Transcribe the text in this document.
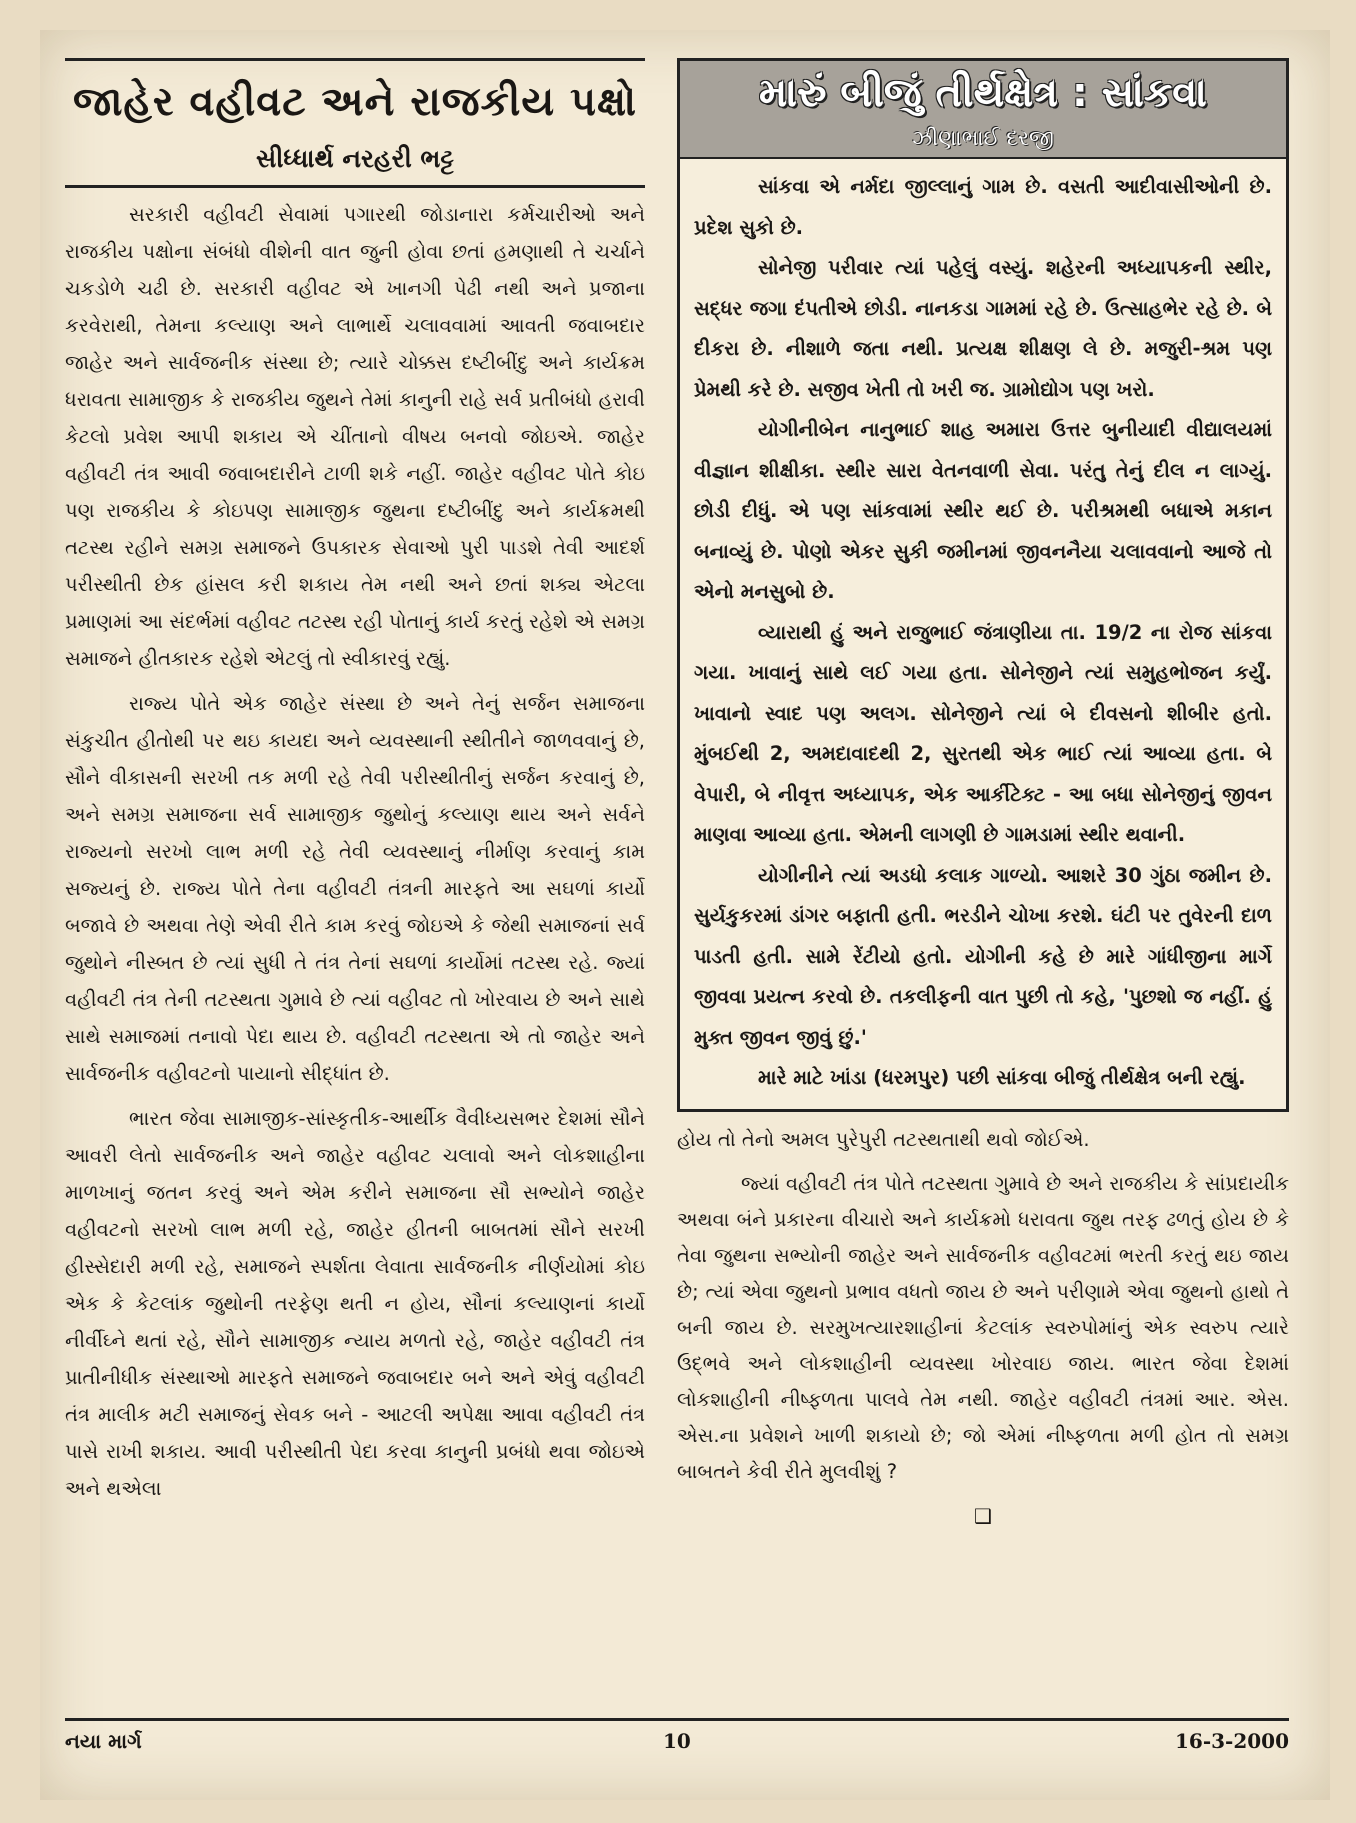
જાહેર વહીવટ અને રાજકીય પક્ષો
સીધ્ધાર્થ નરહરી ભટ્ટ

સરકારી વહીવટી સેવામાં પગારથી જોડાનારા કર્મચારીઓ અને રાજકીય પક્ષોના સંબંધો વીશેની વાત જુની હોવા છતાં હમણાથી તે ચર્ચાને ચકડોળે ચઢી છે. સરકારી વહીવટ એ ખાનગી પેઢી નથી અને પ્રજાના કરવેરાથી, તેમના કલ્યાણ અને લાભાર્થે ચલાવવામાં આવતી જવાબદાર જાહેર અને સાર્વજનીક સંસ્થા છે; ત્યારે ચોક્કસ દષ્ટીબીંદુ અને કાર્યક્રમ ધરાવતા સામાજીક કે રાજકીય જુથને તેમાં કાનુની રાહે સર્વ પ્રતીબંધો હરાવી કેટલો પ્રવેશ આપી શકાય એ ચીંતાનો વીષય બનવો જોઇએ. જાહેર વહીવટી તંત્ર આવી જવાબદારીને ટાળી શકે નહીં. જાહેર વહીવટ પોતે કોઇ પણ રાજકીય કે કોઇપણ સામાજીક જુથના દષ્ટીબીંદુ અને કાર્યક્રમથી તટસ્થ રહીને સમગ્ર સમાજને ઉપકારક સેવાઓ પુરી પાડશે તેવી આદર્શ પરીસ્થીતી છેક હાંસલ કરી શકાય તેમ નથી અને છતાં શક્ય એટલા પ્રમાણમાં આ સંદર્ભમાં વહીવટ તટસ્થ રહી પોતાનું કાર્ય કરતું રહેશે એ સમગ્ર સમાજને હીતકારક રહેશે એટલું તો સ્વીકારવું રહ્યું.

રાજ્ય પોતે એક જાહેર સંસ્થા છે અને તેનું સર્જન સમાજના સંકુચીત હીતોથી પર થઇ કાયદા અને વ્યવસ્થાની સ્થીતીને જાળવવાનું છે, સૌને વીકાસની સરખી તક મળી રહે તેવી પરીસ્થીતીનું સર્જન કરવાનું છે, અને સમગ્ર સમાજના સર્વ સામાજીક જુથોનું કલ્યાણ થાય અને સર્વને રાજ્યનો સરખો લાભ મળી રહે તેવી વ્યવસ્થાનું નીર્માણ કરવાનું કામ સજ્યનું છે. રાજ્ય પોતે તેના વહીવટી તંત્રની મારફતે આ સઘળાં કાર્યો બજાવે છે અથવા તેણે એવી રીતે કામ કરવું જોઇએ કે જેથી સમાજનાં સર્વ જુથોને નીસ્બત છે ત્યાં સુધી તે તંત્ર તેનાં સઘળાં કાર્યોમાં તટસ્થ રહે. જ્યાં વહીવટી તંત્ર તેની તટસ્થતા ગુમાવે છે ત્યાં વહીવટ તો ખોરવાય છે અને સાથે સાથે સમાજમાં તનાવો પેદા થાય છે. વહીવટી તટસ્થતા એ તો જાહેર અને સાર્વજનીક વહીવટનો પાયાનો સીદ્ધાંત છે.

ભારત જેવા સામાજીક-સાંસ્કૃતીક-આર્થીક વૈવીધ્યસભર દેશમાં સૌને આવરી લેતો સાર્વજનીક અને જાહેર વહીવટ ચલાવો અને લોકશાહીના માળખાનું જતન કરવું અને એમ કરીને સમાજના સૌ સભ્યોને જાહેર વહીવટનો સરખો લાભ મળી રહે, જાહેર હીતની બાબતમાં સૌને સરખી હીસ્સેદારી મળી રહે, સમાજને સ્પર્શતા લેવાતા સાર્વજનીક નીર્ણયોમાં કોઇ એક કે કેટલાંક જુથોની તરફેણ થતી ન હોય, સૌનાં કલ્યાણનાં કાર્યો નીર્વીઘ્ને થતાં રહે, સૌને સામાજીક ન્યાય મળતો રહે, જાહેર વહીવટી તંત્ર પ્રાતીનીધીક સંસ્થાઓ મારફતે સમાજને જવાબદાર બને અને એવું વહીવટી તંત્ર માલીક મટી સમાજનું સેવક બને - આટલી અપેક્ષા આવા વહીવટી તંત્ર પાસે રાખી શકાય. આવી પરીસ્થીતી પેદા કરવા કાનુની પ્રબંધો થવા જોઇએ અને થએલા

મારું બીજું તીર્થક્ષેત્ર : સાંકવા
ઝીણાભાઈ દરજી

સાંકવા એ નર્મદા જીલ્લાનું ગામ છે. વસતી આદીવાસીઓની છે. પ્રદેશ સુકો છે.

સોનેજી પરીવાર ત્યાં પહેલું વસ્યું. શહેરની અધ્યાપકની સ્થીર, સદ્ધર જગા દંપતીએ છોડી. નાનકડા ગામમાં રહે છે. ઉત્સાહભેર રહે છે. બે દીકરા છે. નીશાળે જતા નથી. પ્રત્યક્ષ શીક્ષણ લે છે. મજુરી-શ્રમ પણ પ્રેમથી કરે છે. સજીવ ખેતી તો ખરી જ. ગ્રામોદ્યોગ પણ ખરો.

યોગીનીબેન નાનુભાઈ શાહ અમારા ઉત્તર બુનીયાદી વીદ્યાલયમાં વીજ્ઞાન શીક્ષીકા. સ્થીર સારા વેતનવાળી સેવા. પરંતુ તેનું દીલ ન લાગ્યું. છોડી દીધું. એ પણ સાંકવામાં સ્થીર થઈ છે. પરીશ્રમથી બધાએ મકાન બનાવ્યું છે. પોણો એકર સુકી જમીનમાં જીવનનૈયા ચલાવવાનો આજે તો એનો મનસુબો છે.

વ્યારાથી હું અને રાજુભાઈ જંત્રાણીયા તા. 19/2 ના રોજ સાંકવા ગયા. ખાવાનું સાથે લઈ ગયા હતા. સોનેજીને ત્યાં સમુહભોજન કર્યું. ખાવાનો સ્વાદ પણ અલગ. સોનેજીને ત્યાં બે દીવસનો શીબીર હતો. મુંબઈથી 2, અમદાવાદથી 2, સુરતથી એક ભાઈ ત્યાં આવ્યા હતા. બે વેપારી, બે નીવૃત્ત અધ્યાપક, એક આર્કીટેક્ટ - આ બધા સોનેજીનું જીવન માણવા આવ્યા હતા. એમની લાગણી છે ગામડામાં સ્થીર થવાની.

યોગીનીને ત્યાં અડધો કલાક ગાળ્યો. આશરે 30 ગુંઠા જમીન છે. સુર્યકુકરમાં ડાંગર બફાતી હતી. ભરડીને ચોખા કરશે. ઘંટી પર તુવેરની દાળ પાડતી હતી. સામે રેંટીયો હતો. યોગીની કહે છે મારે ગાંધીજીના માર્ગે જીવવા પ્રયત્ન કરવો છે. તકલીફની વાત પુછી તો કહે, 'પુછશો જ નહીં. હું મુક્ત જીવન જીવું છું.'

મારે માટે ખાંડા (ધરમપુર) પછી સાંકવા બીજું તીર્થક્ષેત્ર બની રહ્યું.

હોય તો તેનો અમલ પુરેપુરી તટસ્થતાથી થવો જોઈએ.

જ્યાં વહીવટી તંત્ર પોતે તટસ્થતા ગુમાવે છે અને રાજકીય કે સાંપ્રદાયીક અથવા બંને પ્રકારના વીચારો અને કાર્યક્રમો ધરાવતા જુથ તરફ ઢળતું હોય છે કે તેવા જુથના સભ્યોની જાહેર અને સાર્વજનીક વહીવટમાં ભરતી કરતું થઇ જાય છે; ત્યાં એવા જુથનો પ્રભાવ વધતો જાય છે અને પરીણામે એવા જુથનો હાથો તે બની જાય છે. સરમુખત્યારશાહીનાં કેટલાંક સ્વરુપોમાંનું એક સ્વરુપ ત્યારે ઉદ્ભવે અને લોકશાહીની વ્યવસ્થા ખોરવાઇ જાય. ભારત જેવા દેશમાં લોકશાહીની નીષ્ફળતા પાલવે તેમ નથી. જાહેર વહીવટી તંત્રમાં આર. એસ. એસ.ના પ્રવેશને ખાળી શકાયો છે; જો એમાં નીષ્ફળતા મળી હોત તો સમગ્ર બાબતને કેવી રીતે મુલવીશું ?

❑
નયા માર્ગ	10	16-3-2000
